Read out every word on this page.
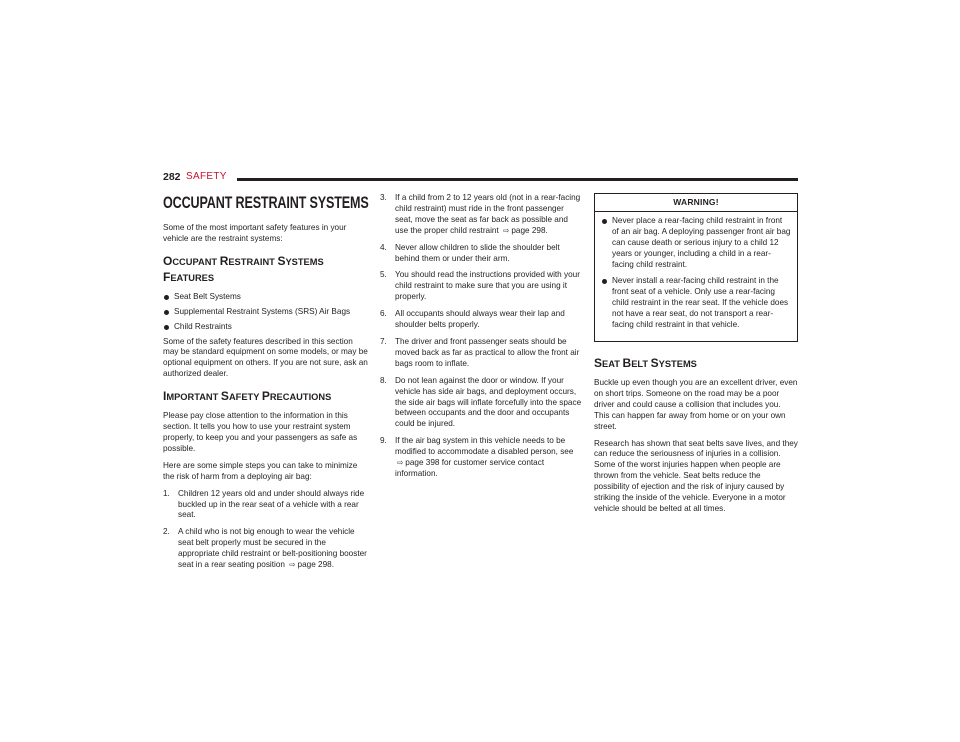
282 SAFETY
OCCUPANT RESTRAINT SYSTEMS

Some of the most important safety features in your vehicle are the restraint systems:

OCCUPANT RESTRAINT SYSTEMS
FEATURES
Seat Belt Systems
Supplemental Restraint Systems (SRS) Air Bags
Child Restraints

Some of the safety features described in this section may be standard equipment on some models, or may be optional equipment on others. If you are not sure, ask an authorized dealer.

IMPORTANT SAFETY PRECAUTIONS

Please pay close attention to the information in this section. It tells you how to use your restraint system properly, to keep you and your passengers as safe as possible.

Here are some simple steps you can take to minimize the risk of harm from a deploying air bag:

1. Children 12 years old and under should always ride buckled up in the rear seat of a vehicle with a rear seat.
2. A child who is not big enough to wear the vehicle seat belt properly must be secured in the appropriate child restraint or belt-positioning booster seat in a rear seating position ⇨ page 298.
3. If a child from 2 to 12 years old (not in a rear-facing child restraint) must ride in the front passenger seat, move the seat as far back as possible and use the proper child restraint ⇨ page 298.
4. Never allow children to slide the shoulder belt behind them or under their arm.
5. You should read the instructions provided with your child restraint to make sure that you are using it properly.
6. All occupants should always wear their lap and shoulder belts properly.
7. The driver and front passenger seats should be moved back as far as practical to allow the front air bags room to inflate.
8. Do not lean against the door or window. If your vehicle has side air bags, and deployment occurs, the side air bags will inflate forcefully into the space between occupants and the door and occupants could be injured.
9. If the air bag system in this vehicle needs to be modified to accommodate a disabled person, see
⇨ page 398 for customer service contact information.
WARNING!
Never place a rear-facing child restraint in front of an air bag. A deploying passenger front air bag can cause death or serious injury to a child 12 years or younger, including a child in a rear-facing child restraint.
Never install a rear-facing child restraint in the front seat of a vehicle. Only use a rear-facing child restraint in the rear seat. If the vehicle does not have a rear seat, do not transport a rear-facing child restraint in that vehicle.
SEAT BELT SYSTEMS

Buckle up even though you are an excellent driver, even on short trips. Someone on the road may be a poor driver and could cause a collision that includes you. This can happen far away from home or on your own street.

Research has shown that seat belts save lives, and they can reduce the seriousness of injuries in a collision. Some of the worst injuries happen when people are thrown from the vehicle. Seat belts reduce the possibility of ejection and the risk of injury caused by striking the inside of the vehicle. Everyone in a motor vehicle should be belted at all times.
